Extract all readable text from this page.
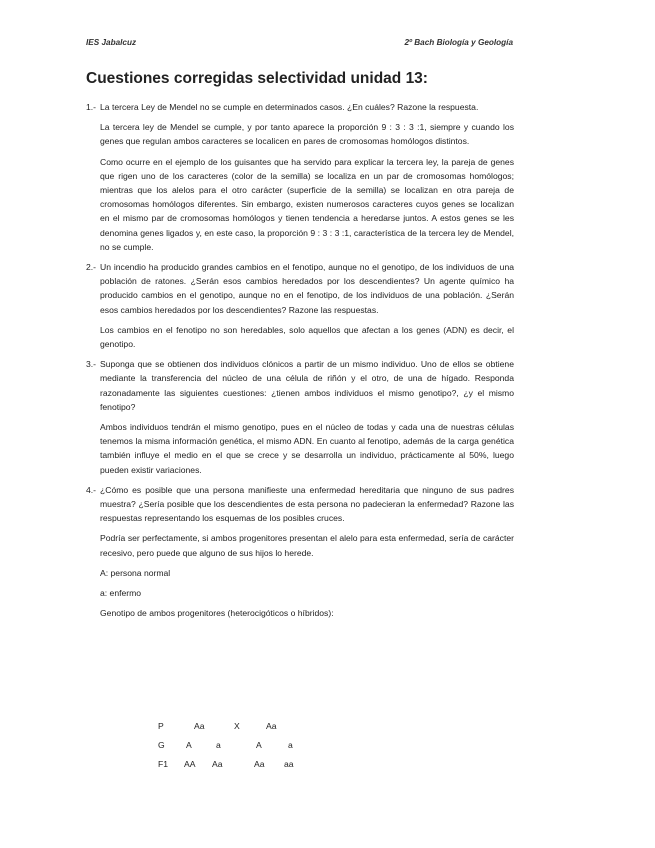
IES Jabalcuz	2º Bach Biología y Geología
Cuestiones corregidas selectividad unidad 13:
1.- La tercera Ley de Mendel no se cumple en determinados casos. ¿En cuáles? Razone la respuesta.

La tercera ley de Mendel se cumple, y por tanto aparece la proporción 9 : 3 : 3 :1, siempre y cuando los genes que regulan ambos caracteres se localicen en pares de cromosomas homólogos distintos.

Como ocurre en el ejemplo de los guisantes que ha servido para explicar la tercera ley, la pareja de genes que rigen uno de los caracteres (color de la semilla) se localiza en un par de cromosomas homólogos; mientras que los alelos para el otro carácter (superficie de la semilla) se localizan en otra pareja de cromosomas homólogos diferentes. Sin embargo, existen numerosos caracteres cuyos genes se localizan en el mismo par de cromosomas homólogos y tienen tendencia a heredarse juntos. A estos genes se les denomina genes ligados y, en este caso, la proporción 9 : 3 : 3 :1, característica de la tercera ley de Mendel, no se cumple.

2.- Un incendio ha producido grandes cambios en el fenotipo, aunque no el genotipo, de los individuos de una población de ratones. ¿Serán esos cambios heredados por los descendientes? Un agente químico ha producido cambios en el genotipo, aunque no en el fenotipo, de los individuos de una población. ¿Serán esos cambios heredados por los descendientes? Razone las respuestas.

Los cambios en el fenotipo no son heredables, solo aquellos que afectan a los genes (ADN) es decir, el genotipo.

3.- Suponga que se obtienen dos individuos clónicos a partir de un mismo individuo. Uno de ellos se obtiene mediante la transferencia del núcleo de una célula de riñón y el otro, de una de hígado. Responda razonadamente las siguientes cuestiones: ¿tienen ambos individuos el mismo genotipo?, ¿y el mismo fenotipo?

Ambos individuos tendrán el mismo genotipo, pues en el núcleo de todas y cada una de nuestras células tenemos la misma información genética, el mismo ADN. En cuanto al fenotipo, además de la carga genética también influye el medio en el que se crece y se desarrolla un individuo, prácticamente al 50%, luego pueden existir variaciones.

4.- ¿Cómo es posible que una persona manifieste una enfermedad hereditaria que ninguno de sus padres muestra? ¿Sería posible que los descendientes de esta persona no padecieran la enfermedad? Razone las respuestas representando los esquemas de los posibles cruces.

Podría ser perfectamente, si ambos progenitores presentan el alelo para esta enfermedad, sería de carácter recesivo, pero puede que alguno de sus hijos lo herede.

A: persona normal

a: enfermo

Genotipo de ambos progenitores (heterocigóticos o híbridos):

P	Aa	X	Aa
G A	a	A	a
F1 AA Aa	Aa aa
